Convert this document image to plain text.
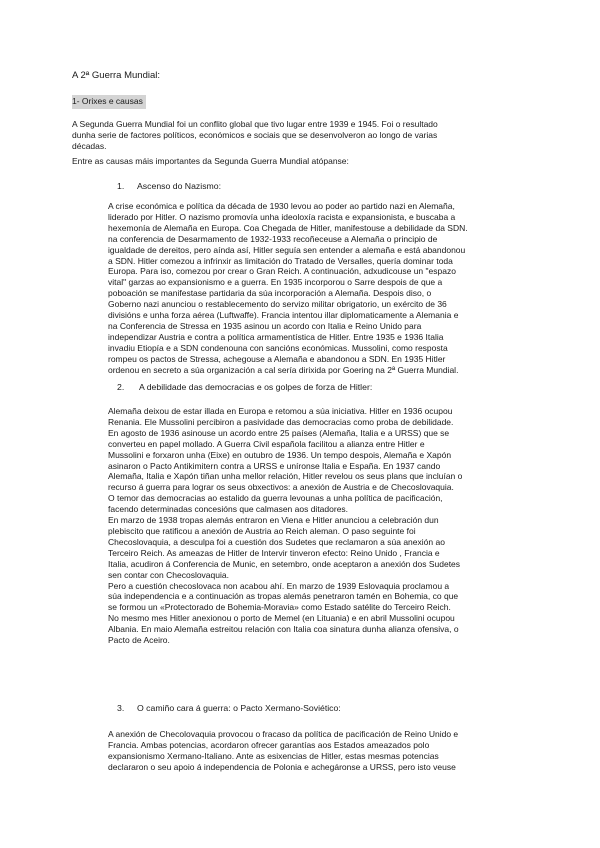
A 2ª Guerra Mundial:

1- Orixes e causas

A Segunda Guerra Mundial foi un conflito global que tivo lugar entre 1939 e 1945. Foi o resultado
dunha serie de factores políticos, económicos e sociais que se desenvolveron ao longo de varias
décadas.

Entre as causas máis importantes da Segunda Guerra Mundial atópanse:

1. Ascenso do Nazismo:

A crise económica e política da década de 1930 levou ao poder ao partido nazi en Alemaña,
liderado por Hitler. O nazismo promovía unha ideoloxía racista e expansionista, e buscaba a
hexemonía de Alemaña en Europa. Coa Chegada de Hitler, manifestouse a debilidade da SDN.
na conferencia de Desarmamento de 1932-1933 recoñeceuse a Alemaña o principio de
igualdade de dereitos, pero aínda así, Hitler seguía sen entender a alemaña e está abandonou
a SDN. Hitler comezou a infrinxir as limitación do Tratado de Versalles, quería dominar toda
Europa. Para iso, comezou por crear o Gran Reich. A continuación, adxudicouse un "espazo
vital" garzas ao expansionismo e a guerra. En 1935 incorporou o Sarre despois de que a
poboación se manifestase partidaria da súa incorporación a Alemaña. Despois diso, o
Goberno nazi anunciou o restablecemento do servizo militar obrigatorio, un exército de 36
divisións e unha forza aérea (Luftwaffe). Francia intentou illar diplomaticamente a Alemania e
na Conferencia de Stressa en 1935 asinou un acordo con Italia e Reino Unido para
independizar Austria e contra a política armamentística de Hitler. Entre 1935 e 1936 Italia
invadiu Etiopía e a SDN condenouna con sancións económicas. Mussolini, como resposta
rompeu os pactos de Stressa, achegouse a Alemaña e abandonou a SDN. En 1935 Hitler
ordenou en secreto a súa organización a cal sería dirixida por Goering na 2ª Guerra Mundial.

2. A debilidade das democracias e os golpes de forza de Hitler:

Alemaña deixou de estar illada en Europa e retomou a súa iniciativa. Hitler en 1936 ocupou
Renania. Ele Mussolini percibiron a pasividade das democracias como proba de debilidade.
En agosto de 1936 asinouse un acordo entre 25 países (Alemaña, Italia e a URSS) que se
converteu en papel mollado. A Guerra Civil española facilitou a alianza entre Hitler e
Mussolini e forxaron unha (Eixe) en outubro de 1936. Un tempo despois, Alemaña e Xapón
asinaron o Pacto Antikimitern contra a URSS e uníronse Italia e España. En 1937 cando
Alemaña, Italia e Xapón tiñan unha mellor relación, Hitler revelou os seus plans que incluían o
recurso á guerra para lograr os seus obxectivos: a anexión de Austria e de Checoslovaquia.
O temor das democracias ao estalido da guerra levounas a unha política de pacificación,
facendo determinadas concesións que calmasen aos ditadores.
En marzo de 1938 tropas alemás entraron en Viena e Hitler anunciou a celebración dun
plebiscito que ratificou a anexión de Austria ao Reich aleman. O paso seguinte foi
Checoslovaquia, a desculpa foi a cuestión dos Sudetes que reclamaron a súa anexión ao
Terceiro Reich. As ameazas de Hitler de Intervir tinveron efecto: Reino Unido , Francia e
Italia, acudiron á Conferencia de Munic, en setembro, onde aceptaron a anexión dos Sudetes
sen contar con Checoslovaquia.
Pero a cuestión checoslovaca non acabou ahí. En marzo de 1939 Eslovaquia proclamou a
súa independencia e a continuación as tropas alemás penetraron tamén en Bohemia, co que
se formou un «Protectorado de Bohemia-Moravia» como Estado satélite do Terceiro Reich.
No mesmo mes Hitler anexionou o porto de Memel (en Lituania) e en abril Mussolini ocupou
Albania. En maio Alemaña estreitou relación con Italia coa sinatura dunha alianza ofensiva, o
Pacto de Aceiro.

3. O camiño cara á guerra: o Pacto Xermano-Soviético:

A anexión de Checolovaquia provocou o fracaso da política de pacificación de Reino Unido e
Francia. Ambas potencias, acordaron ofrecer garantías aos Estados ameazados polo
expansionismo Xermano-Italiano. Ante as esixencias de Hitler, estas mesmas potencias
declararon o seu apoio á independencia de Polonia e achegáronse a URSS, pero isto veuse
